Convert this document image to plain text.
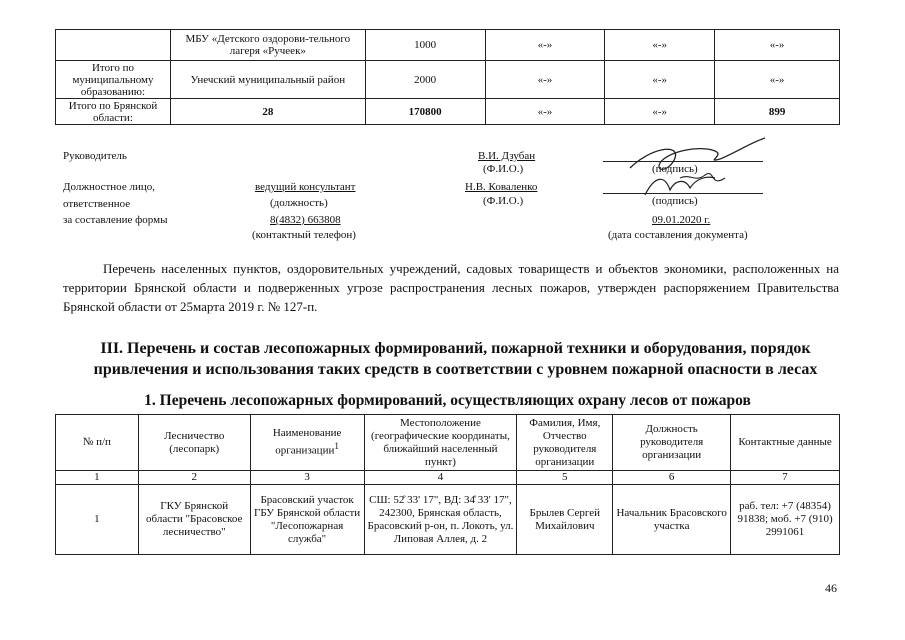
	МБУ «Детского оздорови-тельного лагеря «Ручеек»	1000	«-»	«-»	«-»
Итого по муниципальному образованию:	Унечский муниципальный район	2000	«-»	«-»	«-»
Итого по Брянской области:	28	170800	«-»	«-»	899
Руководитель	В.И. Дзубан
(Ф.И.О.)	(подпись)
Должностное лицо,
ответственное
за составление формы
ведущий консультант
(должность)
Н.В. Коваленко
(Ф.И.О.)	(подпись)
8(4832) 663808
(контактный телефон)
09.01.2020 г.
(дата составления документа)

Перечень населенных пунктов, оздоровительных учреждений, садовых товариществ и объектов экономики, расположенных на территории Брянской области и подверженных угрозе распространения лесных пожаров, утвержден распоряжением Правительства Брянской области от 25марта 2019 г. № 127-п.

III. Перечень и состав лесопожарных формирований, пожарной техники и оборудования, порядок привлечения и использования таких средств в соответствии с уровнем пожарной опасности в лесах
1. Перечень лесопожарных формирований, осуществляющих охрану лесов от пожаров
№ п/п	Лесничество (лесопарк)	Наименование организации$^1$	Местоположение (географические координаты, ближайший населенный пункт)	Фамилия, Имя, Отчество руководителя организации	Должность руководителя организации	Контактные данные
1	2	3	4	5	6	7
1	ГКУ Брянской области "Брасовское лесничество"	Брасовский участок ГБУ Брянской области "Лесопожарная служба"	СШ: 52̊ 33' 17", ВД: 34̊ 33' 17", 242300, Брянская область, Брасовский р-он, п. Локоть, ул. Липовая Аллея, д. 2	Брылев Сергей Михайлович	Начальник Брасовского участка	раб. тел: +7 (48354) 91838; моб. +7 (910) 2991061
46
